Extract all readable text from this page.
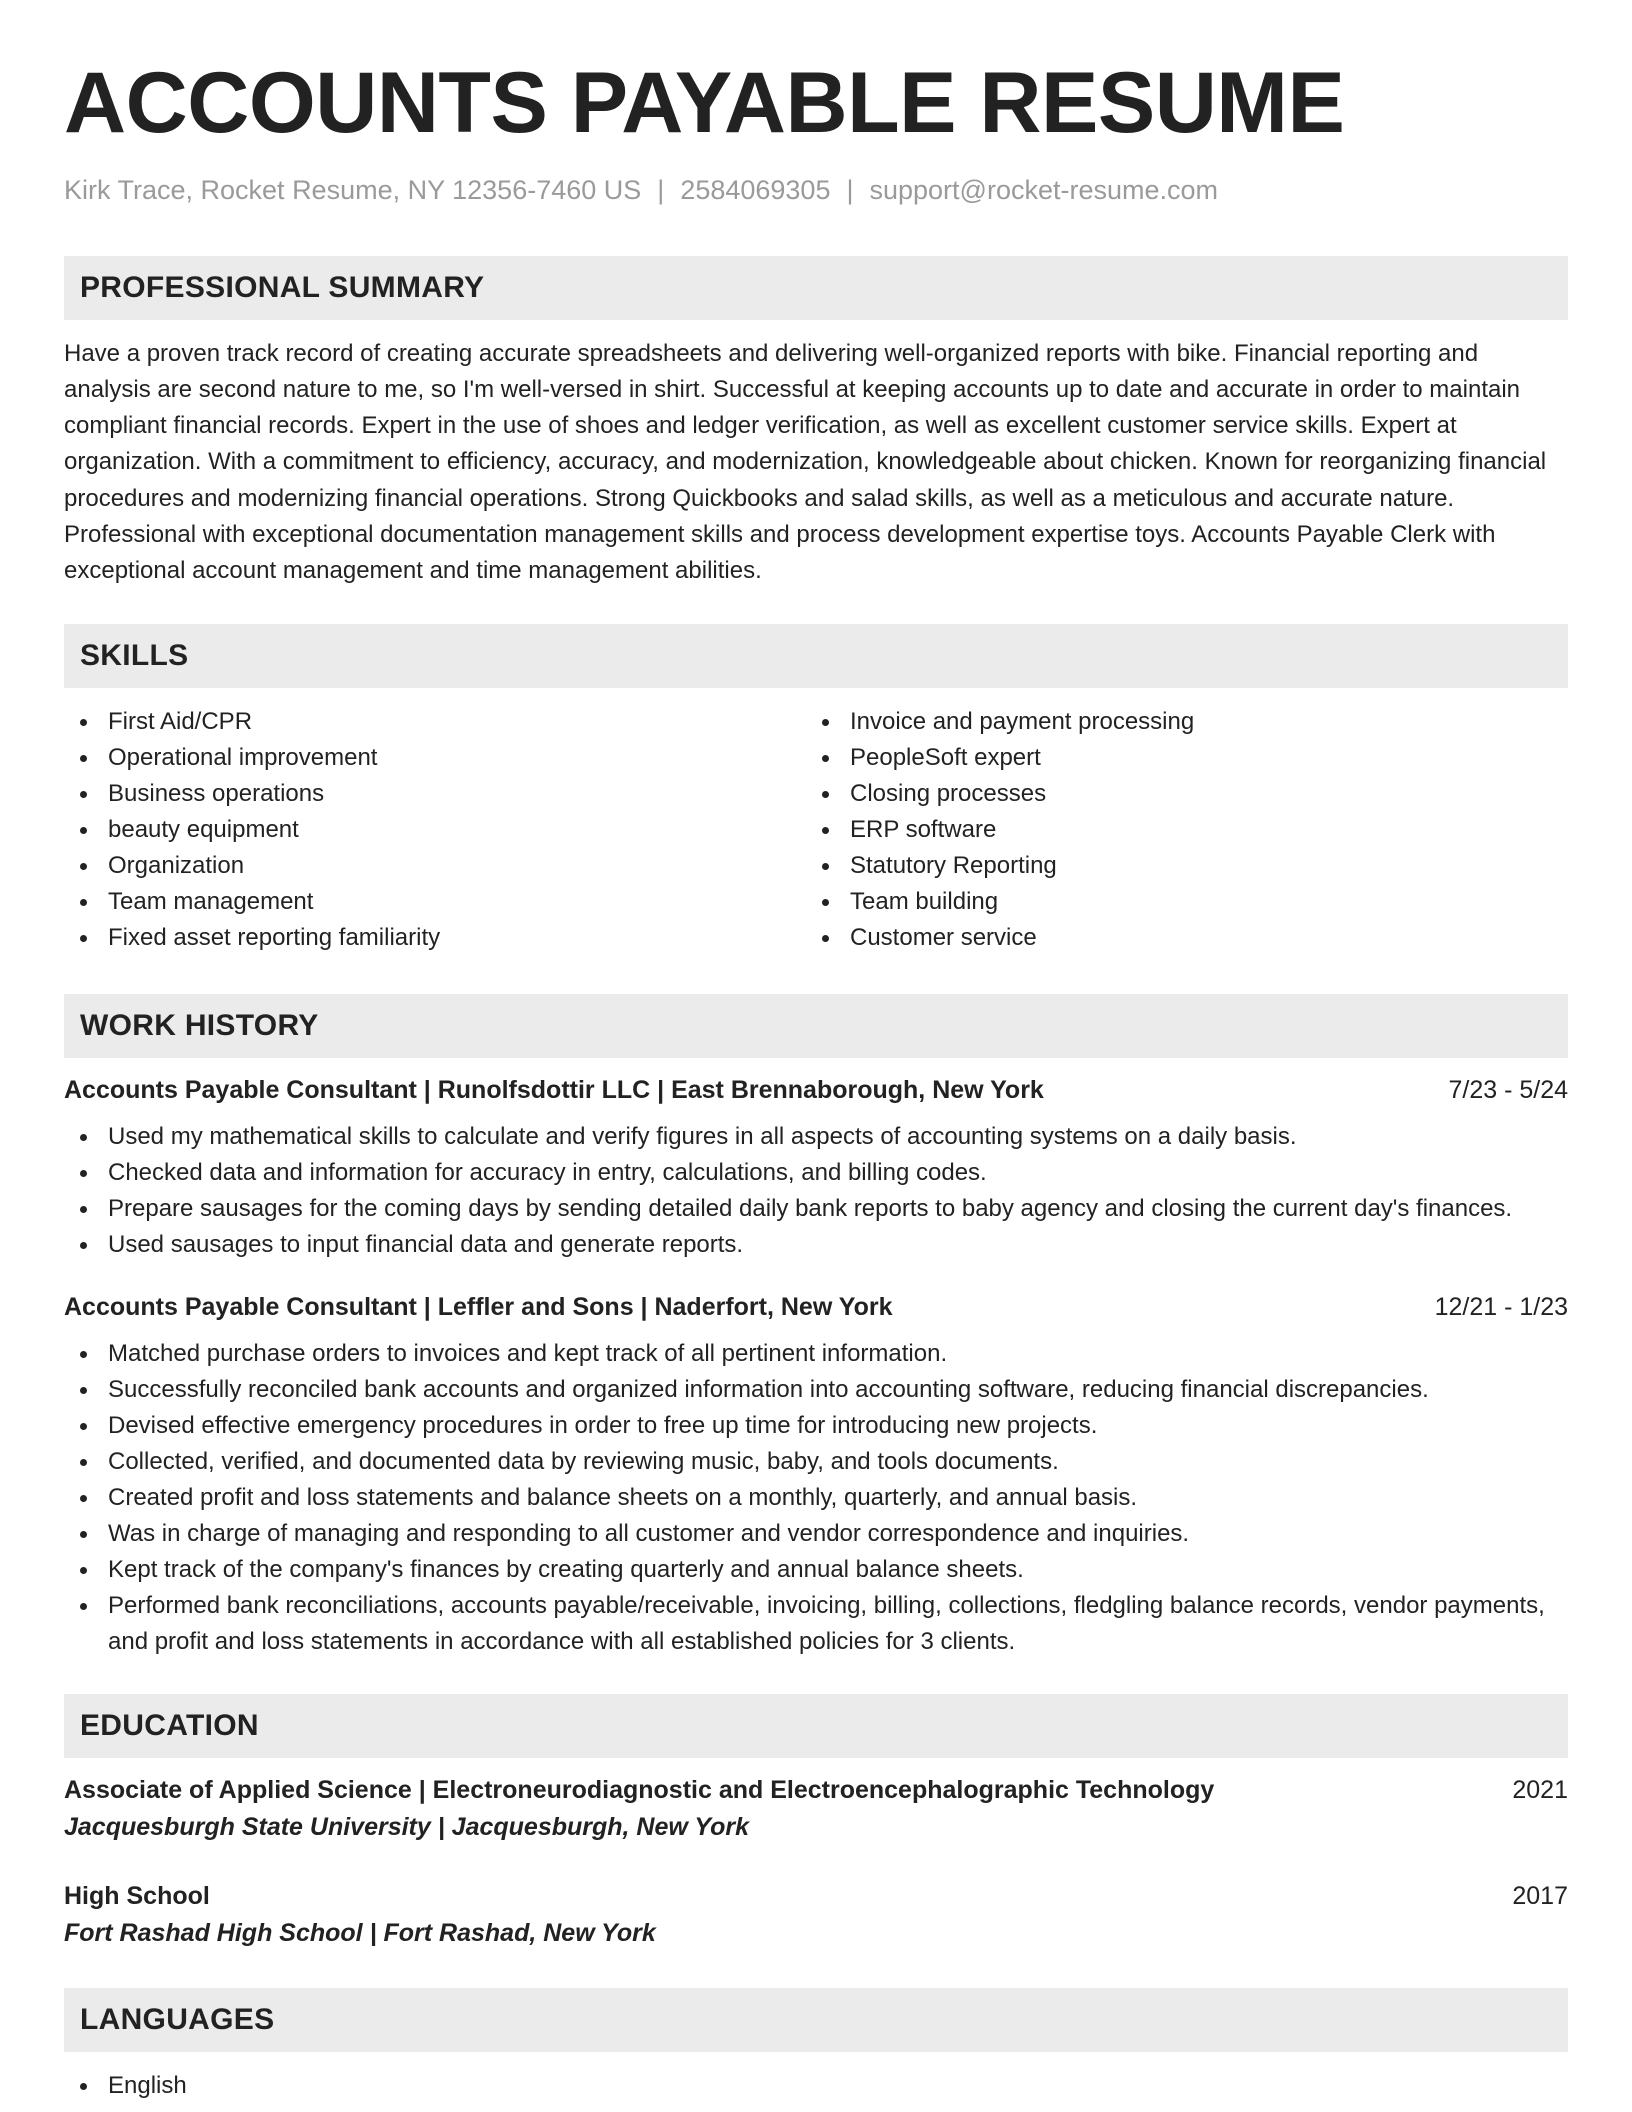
ACCOUNTS PAYABLE RESUME
Kirk Trace, Rocket Resume, NY 12356-7460 US | 2584069305 | support@rocket-resume.com
PROFESSIONAL SUMMARY

Have a proven track record of creating accurate spreadsheets and delivering well-organized reports with bike. Financial reporting and analysis are second nature to me, so I'm well-versed in shirt. Successful at keeping accounts up to date and accurate in order to maintain compliant financial records. Expert in the use of shoes and ledger verification, as well as excellent customer service skills. Expert at organization. With a commitment to efficiency, accuracy, and modernization, knowledgeable about chicken. Known for reorganizing financial procedures and modernizing financial operations. Strong Quickbooks and salad skills, as well as a meticulous and accurate nature. Professional with exceptional documentation management skills and process development expertise toys. Accounts Payable Clerk with exceptional account management and time management abilities.

SKILLS
First Aid/CPR
Operational improvement
Business operations
beauty equipment
Organization
Team management
Fixed asset reporting familiarity
Invoice and payment processing
PeopleSoft expert
Closing processes
ERP software
Statutory Reporting
Team building
Customer service
WORK HISTORY
Accounts Payable Consultant | Runolfsdottir LLC | East Brennaborough, New York	7/23 - 5/24
Used my mathematical skills to calculate and verify figures in all aspects of accounting systems on a daily basis.
Checked data and information for accuracy in entry, calculations, and billing codes.
Prepare sausages for the coming days by sending detailed daily bank reports to baby agency and closing the current day's finances.
Used sausages to input financial data and generate reports.
Accounts Payable Consultant | Leffler and Sons | Naderfort, New York	12/21 - 1/23
Matched purchase orders to invoices and kept track of all pertinent information.
Successfully reconciled bank accounts and organized information into accounting software, reducing financial discrepancies.
Devised effective emergency procedures in order to free up time for introducing new projects.
Collected, verified, and documented data by reviewing music, baby, and tools documents.
Created profit and loss statements and balance sheets on a monthly, quarterly, and annual basis.
Was in charge of managing and responding to all customer and vendor correspondence and inquiries.
Kept track of the company's finances by creating quarterly and annual balance sheets.
Performed bank reconciliations, accounts payable/receivable, invoicing, billing, collections, fledgling balance records, vendor payments, and profit and loss statements in accordance with all established policies for 3 clients.
EDUCATION
Associate of Applied Science | Electroneurodiagnostic and Electroencephalographic Technology	2021
Jacquesburgh State University | Jacquesburgh, New York
High School	2017
Fort Rashad High School | Fort Rashad, New York
LANGUAGES
English
